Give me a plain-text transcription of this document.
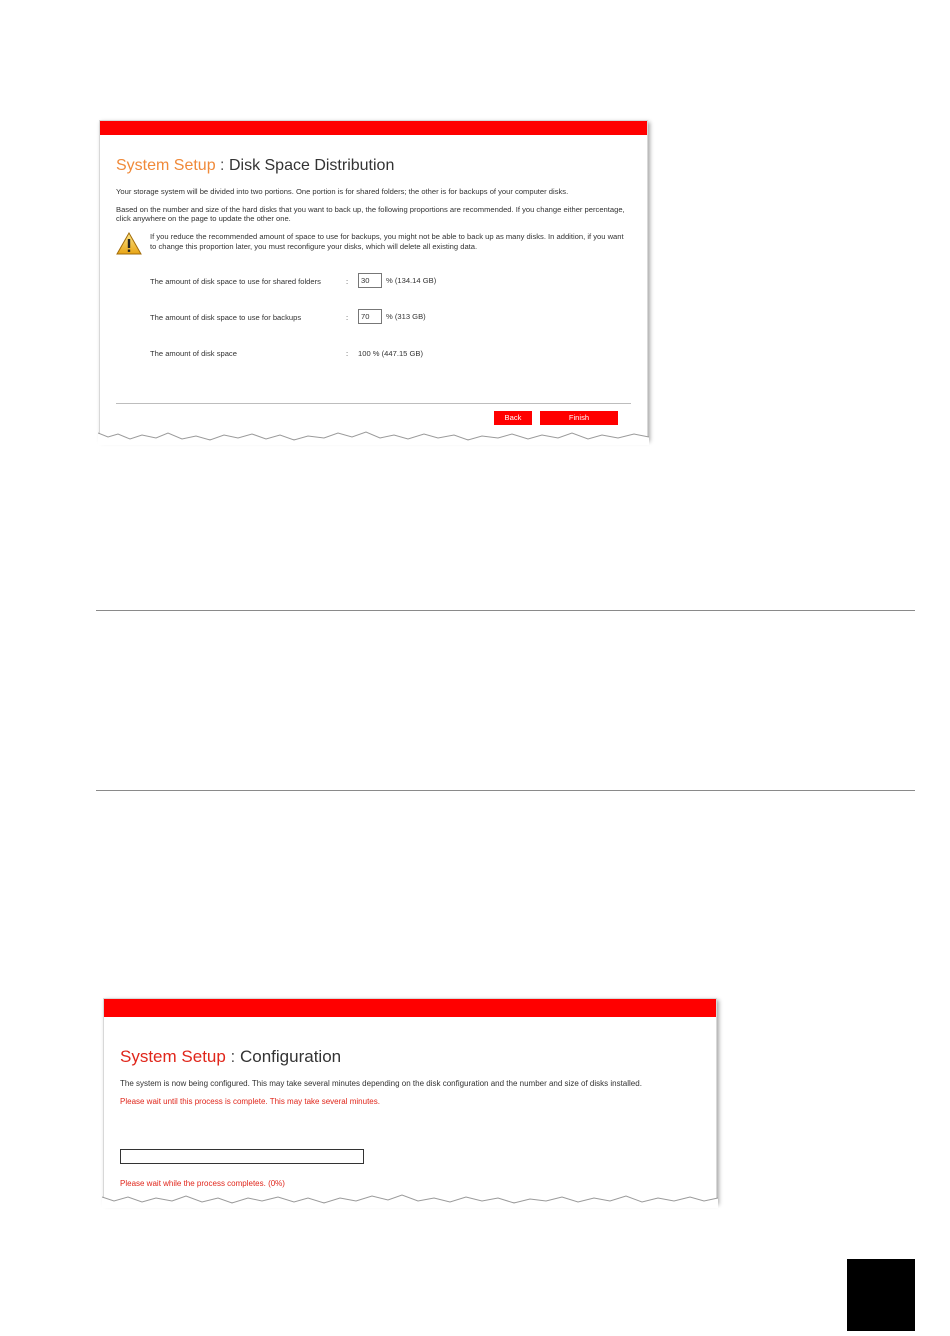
System Setup : Disk Space Distribution

Your storage system will be divided into two portions. One portion is for shared folders; the other is for backups of your computer disks.

Based on the number and size of the hard disks that you want to back up, the following proportions are recommended. If you change either percentage, click anywhere on the page to update the other one.

If you reduce the recommended amount of space to use for backups, you might not be able to back up as many disks. In addition, if you want to change this proportion later, you must reconfigure your disks, which will delete all existing data.
The amount of disk space to use for shared folders	:	30	% (134.14 GB)
The amount of disk space to use for backups	:	70	% (313 GB)
The amount of disk space	: 100 % (447.15 GB)
Back	Finish
System Setup : Configuration

The system is now being configured. This may take several minutes depending on the disk configuration and the number and size of disks installed.

Please wait until this process is complete. This may take several minutes.

Please wait while the process completes. (0%)
